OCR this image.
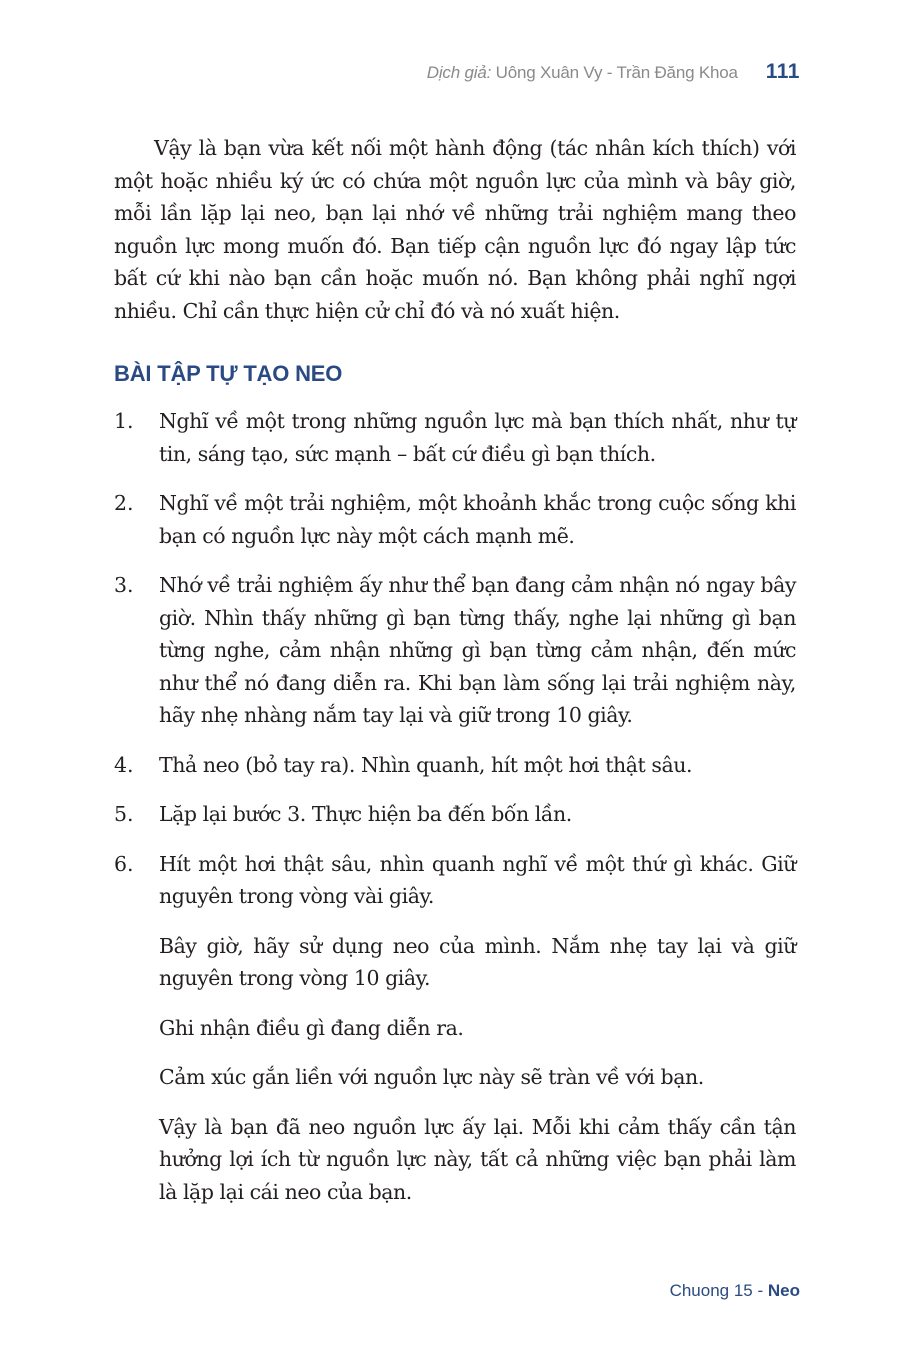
Dịch giả: Uông Xuân Vy - Trần Đăng Khoa 111

Vậy là bạn vừa kết nối một hành động (tác nhân kích thích) với một hoặc nhiều ký ức có chứa một nguồn lực của mình và bây giờ, mỗi lần lặp lại neo, bạn lại nhớ về những trải nghiệm mang theo nguồn lực mong muốn đó. Bạn tiếp cận nguồn lực đó ngay lập tức bất cứ khi nào bạn cần hoặc muốn nó. Bạn không phải nghĩ ngợi nhiều. Chỉ cần thực hiện cử chỉ đó và nó xuất hiện.

BÀI TẬP TỰ TẠO NEO
1.	Nghĩ về một trong những nguồn lực mà bạn thích nhất, như tự tin, sáng tạo, sức mạnh – bất cứ điều gì bạn thích.
2.	Nghĩ về một trải nghiệm, một khoảnh khắc trong cuộc sống khi bạn có nguồn lực này một cách mạnh mẽ.
3.	Nhớ về trải nghiệm ấy như thể bạn đang cảm nhận nó ngay bây giờ. Nhìn thấy những gì bạn từng thấy, nghe lại những gì bạn từng nghe, cảm nhận những gì bạn từng cảm nhận, đến mức như thể nó đang diễn ra. Khi bạn làm sống lại trải nghiệm này, hãy nhẹ nhàng nắm tay lại và giữ trong 10 giây.
4.	Thả neo (bỏ tay ra). Nhìn quanh, hít một hơi thật sâu.
5.	Lặp lại bước 3. Thực hiện ba đến bốn lần.
6.	Hít một hơi thật sâu, nhìn quanh nghĩ về một thứ gì khác. Giữ nguyên trong vòng vài giây.

Bây giờ, hãy sử dụng neo của mình. Nắm nhẹ tay lại và giữ nguyên trong vòng 10 giây.

Ghi nhận điều gì đang diễn ra.

Cảm xúc gắn liền với nguồn lực này sẽ tràn về với bạn.

Vậy là bạn đã neo nguồn lực ấy lại. Mỗi khi cảm thấy cần tận hưởng lợi ích từ nguồn lực này, tất cả những việc bạn phải làm là lặp lại cái neo của bạn.

Chuong 15 - Neo
